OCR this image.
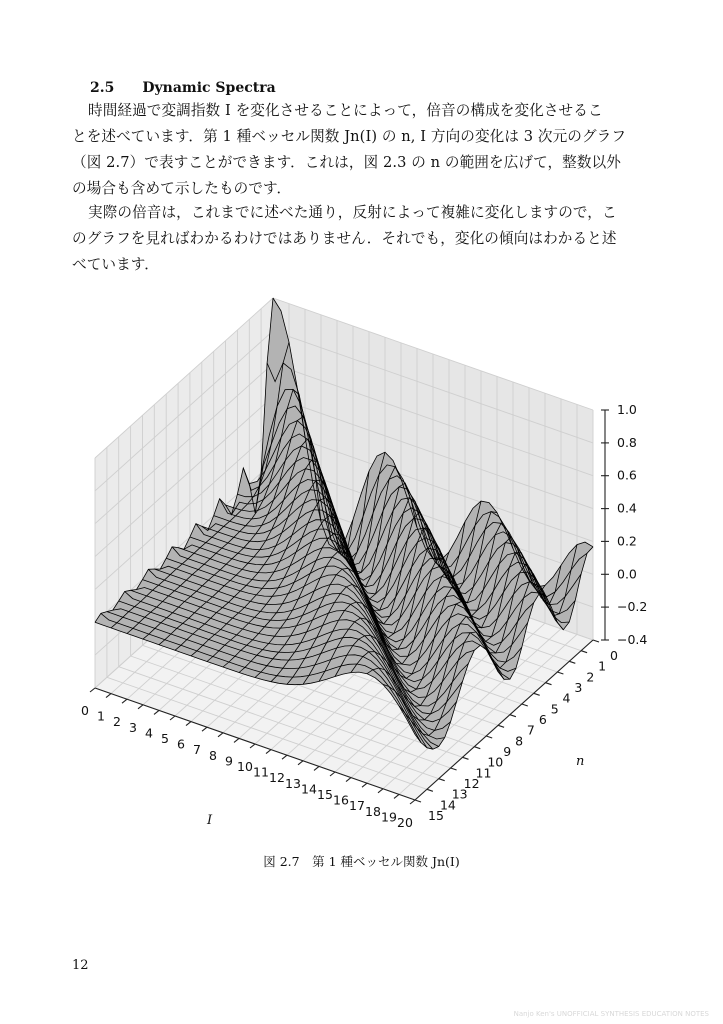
2.5 Dynamic Spectra
時間経過で変調指数 I を変化させることによって，倍音の構成を変化させるこ
とを述べています．第 1 種ベッセル関数 Jn(I) の n, I 方向の変化は 3 次元のグラフ
（図 2.7）で表すことができます．これは，図 2.3 の n の範囲を広げて，整数以外
の場合も含めて示したものです．
実際の倍音は，これまでに述べた通り，反射によって複雑に変化しますので，こ
のグラフを見ればわかるわけではありません．それでも，変化の傾向はわかると述
べています．
0 1 2 3 4 5 6 7 8 9 10 11 12 13 14 15 16 17 18 19 20
0
1
2
3
4
5
6
7
8
9
10
11
12
13
14
15
1.0
0.8
0.6
0.4
0.2
0.0
−0.2
−0.4
I
n
図 2.7　第 1 種ベッセル関数 Jn(I)
12
Nanjo Ken's UNOFFICIAL SYNTHESIS EDUCATION NOTES
